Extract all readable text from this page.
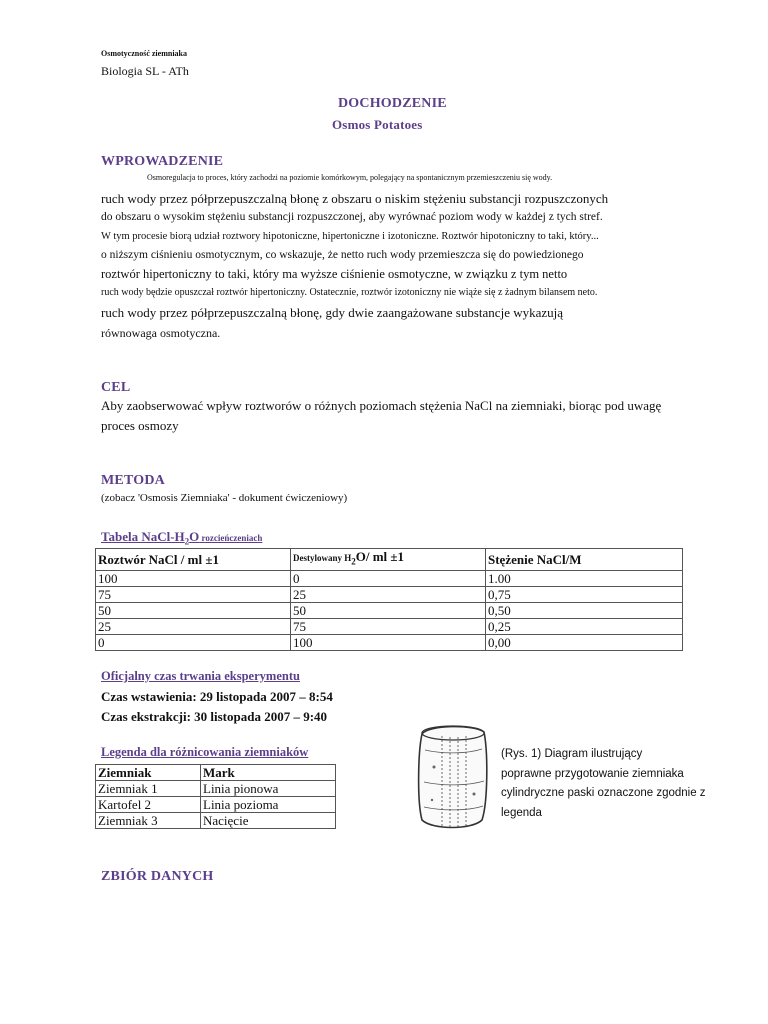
Osmotyczność ziemniaka
Biologia SL - ATh
DOCHODZENIE
Osmos Potatoes
WPROWADZENIE
Osmoregulacja to proces, który zachodzi na poziomie komórkowym, polegający na spontanicznym przemieszczeniu się wody.
ruch wody przez półprzepuszczalną błonę z obszaru o niskim stężeniu substancji rozpuszczonych
do obszaru o wysokim stężeniu substancji rozpuszczonej, aby wyrównać poziom wody w każdej z tych stref.
W tym procesie biorą udział roztwory hipotoniczne, hipertoniczne i izotoniczne. Roztwór hipotoniczny to taki, który...
o niższym ciśnieniu osmotycznym, co wskazuje, że netto ruch wody przemieszcza się do powiedzionego
roztwór hipertoniczny to taki, który ma wyższe ciśnienie osmotyczne, w związku z tym netto
ruch wody będzie opuszczał roztwór hipertoniczny. Ostatecznie, roztwór izotoniczny nie wiąże się z żadnym bilansem neto.
ruch wody przez półprzepuszczalną błonę, gdy dwie zaangażowane substancje wykazują
równowaga osmotyczna.
CEL
Aby zaobserwować wpływ roztworów o różnych poziomach stężenia NaCl na ziemniaki, biorąc pod uwagę
proces osmozy
METODA
(zobacz 'Osmosis Ziemniaka' - dokument ćwiczeniowy)
Tabela NaCl-$H_2O$ rozcieńczeniach
Roztwór NaCl / ml ±1	Destylowany $H_2O/$ ml ±1	Stężenie NaCl/M
100	0	1.00
75	25	0,75
50	50	0,50
25	75	0,25
0	100	0,00
Oficjalny czas trwania eksperymentu
Czas wstawienia: 29 listopada 2007 – 8:54
Czas ekstrakcji: 30 listopada 2007 – 9:40
Legenda dla różnicowania ziemniaków
Ziemniak	Mark
Ziemniak 1	Linia pionowa
Kartofel 2	Linia pozioma
Ziemniak 3	Nacięcie
(Rys. 1) Diagram ilustrujący
poprawne przygotowanie ziemniaka
cylindryczne paski oznaczone zgodnie z
legenda
ZBIÓR DANYCH
